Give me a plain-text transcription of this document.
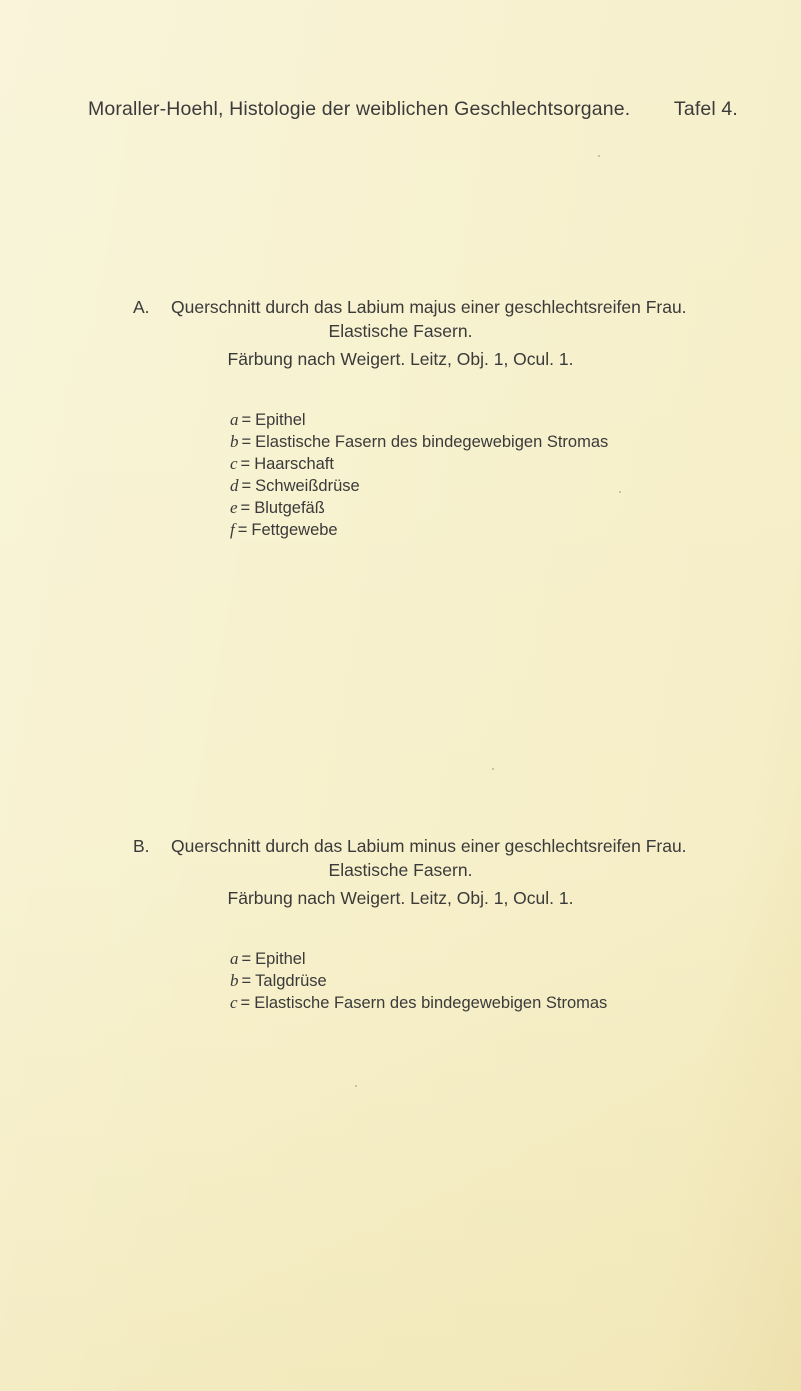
Moraller-Hoehl, Histologie der weiblichen Geschlechtsorgane. Tafel 4.
A. Querschnitt durch das Labium majus einer geschlechtsreifen Frau.
Elastische Fasern.
Färbung nach Weigert. Leitz, Obj. 1, Ocul. 1.
a = Epithel
b = Elastische Fasern des bindegewebigen Stromas
c = Haarschaft
d = Schweißdrüse
e = Blutgefäß
f = Fettgewebe
B. Querschnitt durch das Labium minus einer geschlechtsreifen Frau.
Elastische Fasern.
Färbung nach Weigert. Leitz, Obj. 1, Ocul. 1.
a = Epithel
b = Talgdrüse
c = Elastische Fasern des bindegewebigen Stromas
